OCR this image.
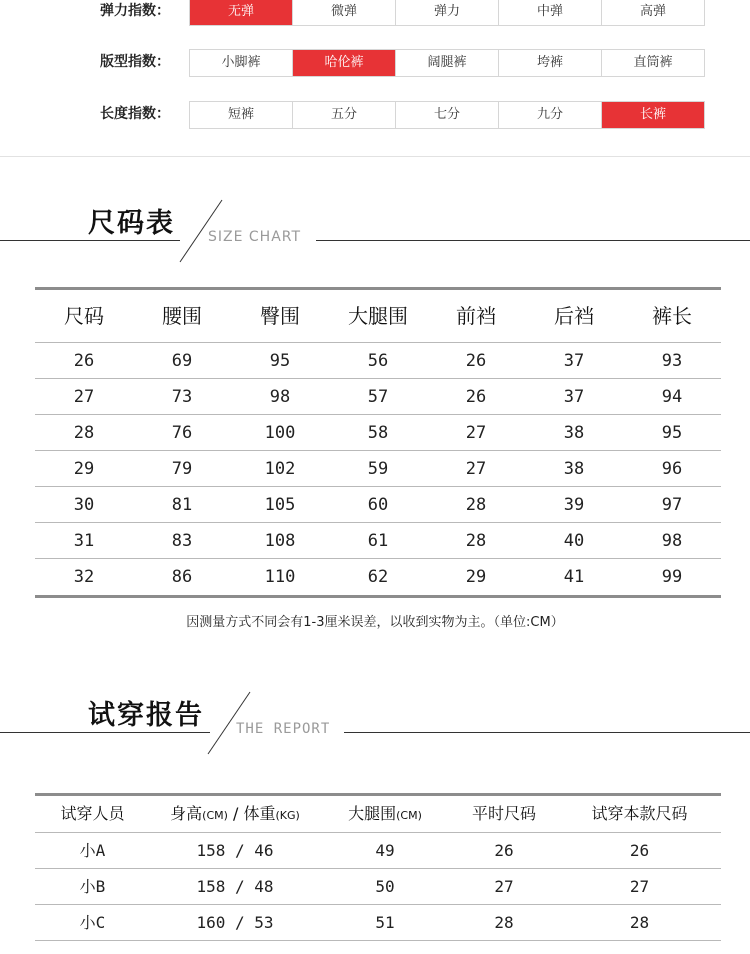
弹力指数：	无弹	微弹	弹力	中弹	高弹
版型指数：	小脚裤	哈伦裤	阔腿裤	垮裤	直筒裤
长度指数：	短裤	五分	七分	九分	长裤
尺码表 SIZE CHART
尺码	腰围	臀围	大腿围	前裆	后裆	裤长
26	69	95	56	26	37	93
27	73	98	57	26	37	94
28	76	100	58	27	38	95
29	79	102	59	27	38	96
30	81	105	60	28	39	97
31	83	108	61	28	40	98
32	86	110	62	29	41	99
因测量方式不同会有1-3厘米误差，以收到实物为主。（单位:CM）
试穿报告 THE REPORT
试穿人员	身高(CM) / 体重(KG)	大腿围(CM)	平时尺码	试穿本款尺码
小A	158 / 46	49	26	26
小B	158 / 48	50	27	27
小C	160 / 53	51	28	28
